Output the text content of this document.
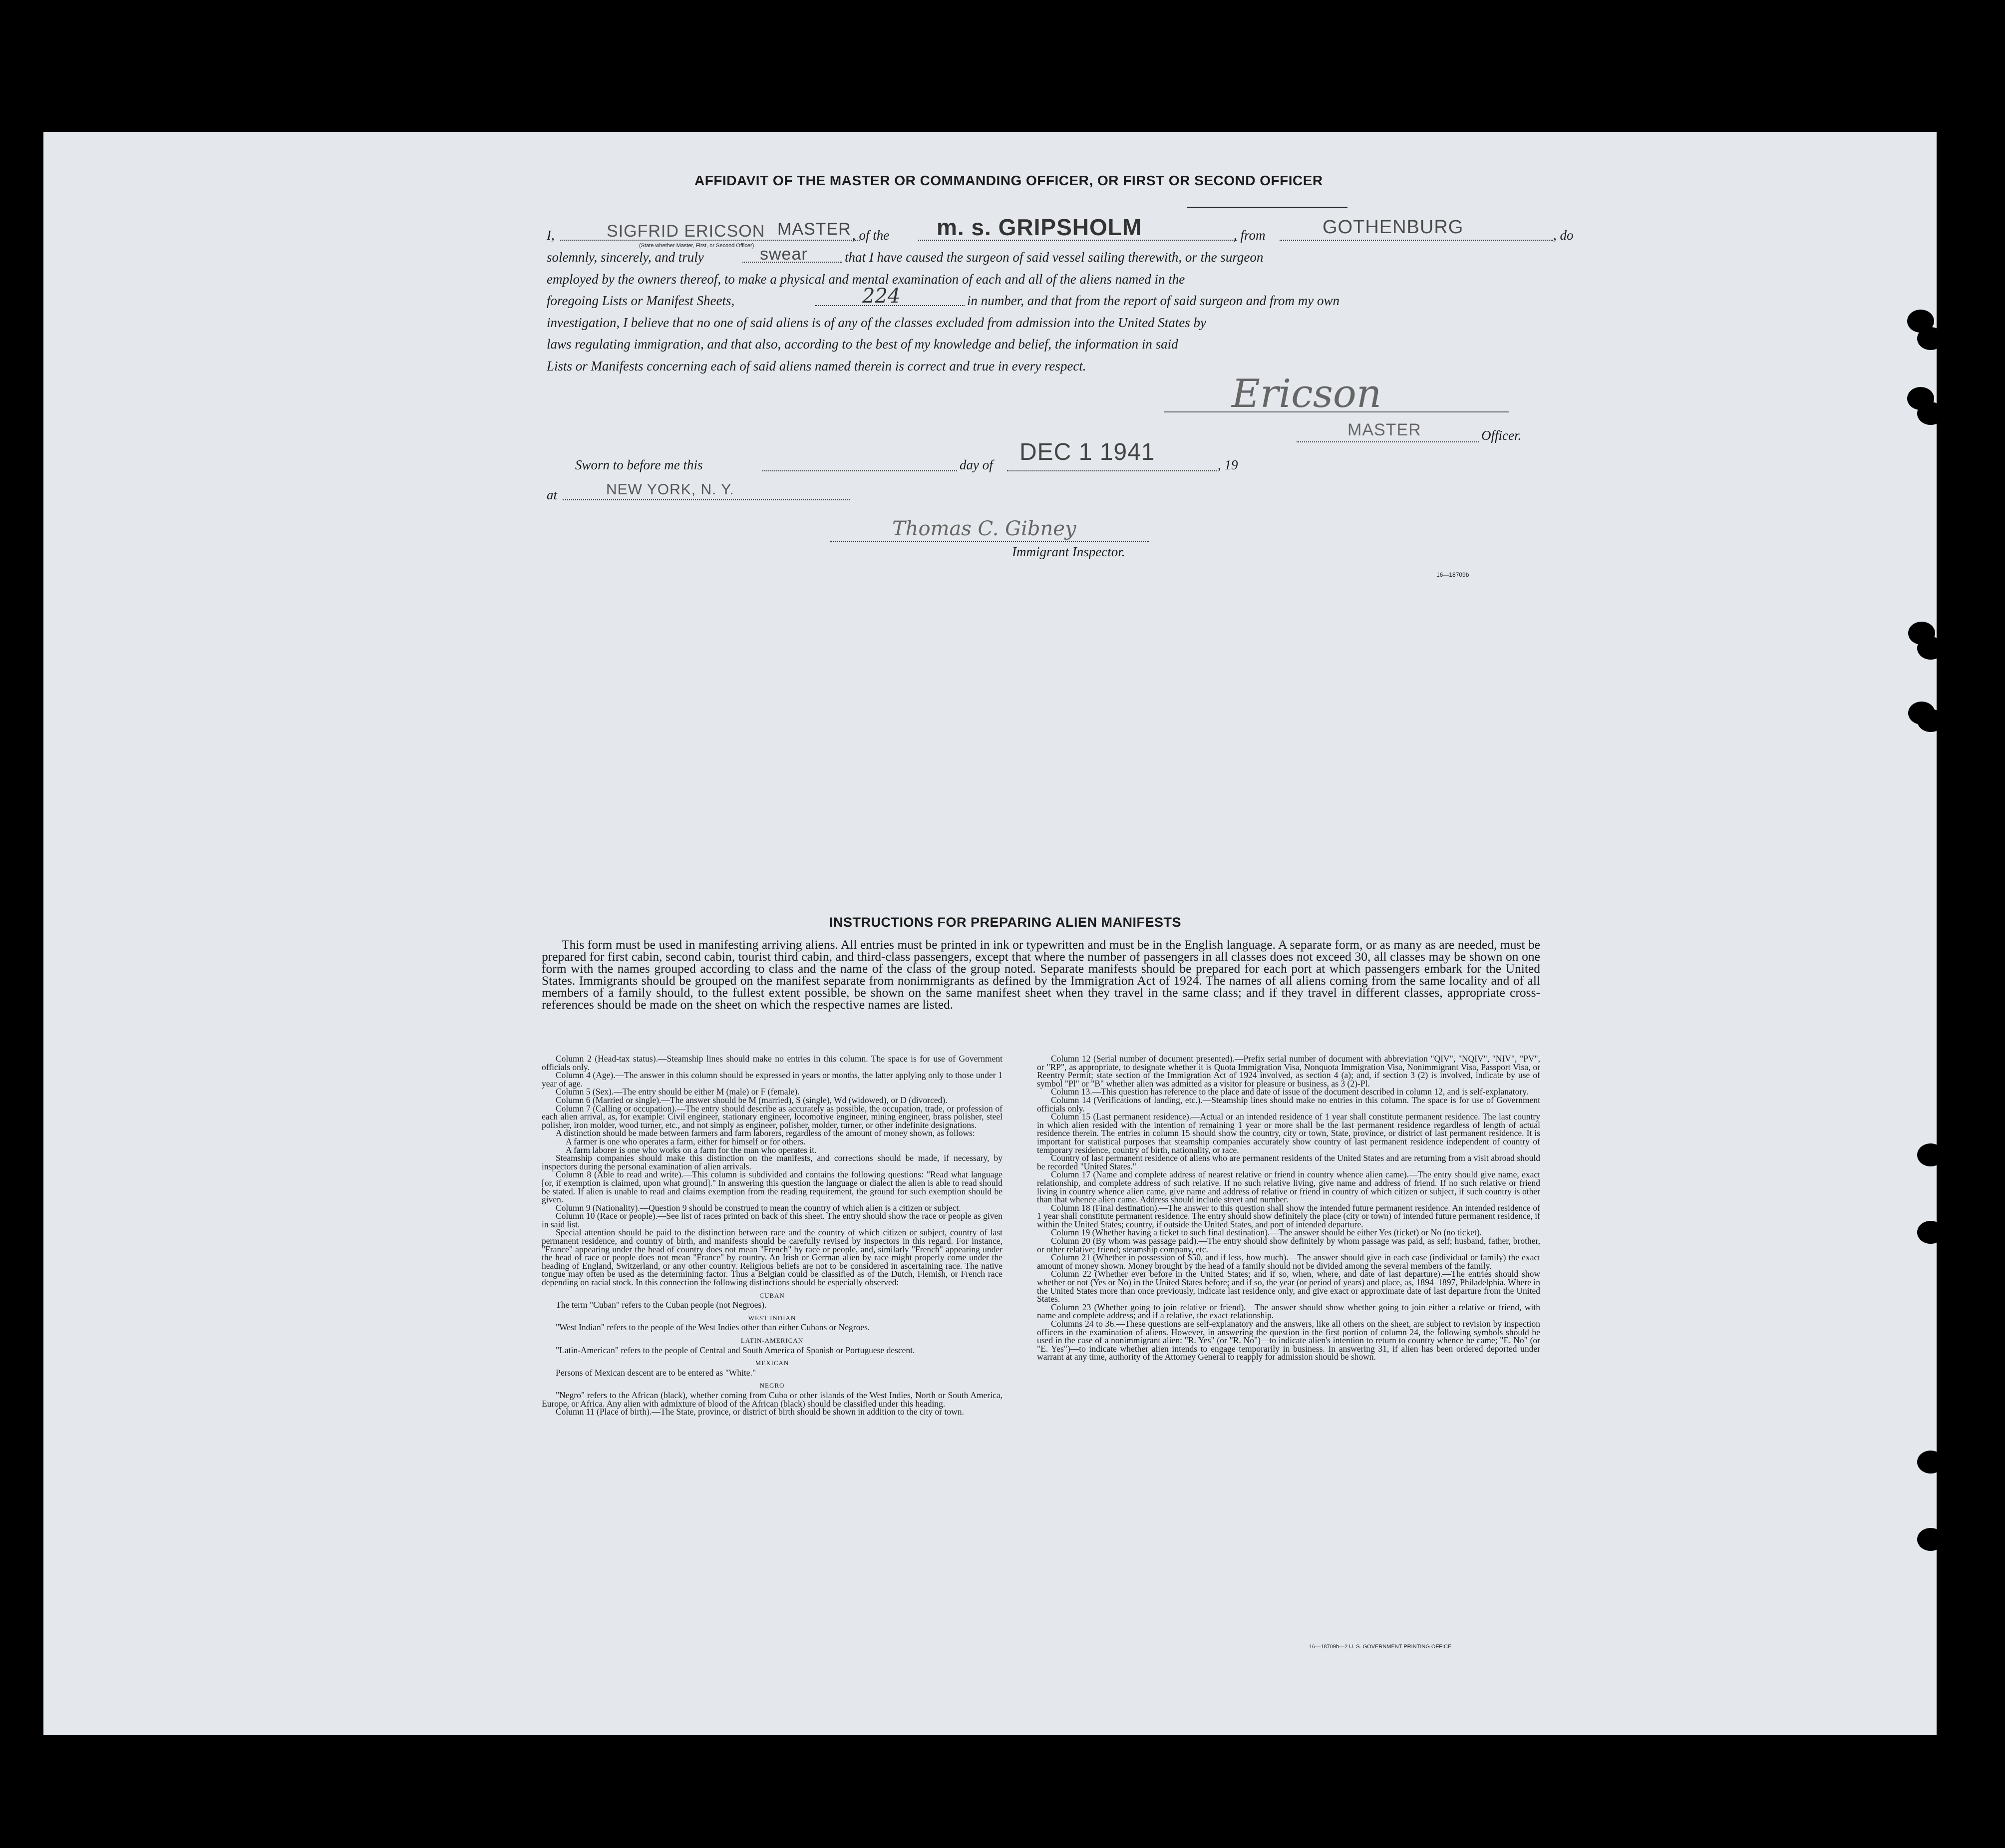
AFFIDAVIT OF THE MASTER OR COMMANDING OFFICER, OR FIRST OR SECOND OFFICER
I,	SIGFRID ERICSON MASTER
(State whether Master, First, or Second Officer)
, of the m. s. GRIPSHOLM	, from	GOTHENBURG	, do
solemnly, sincerely, and truly	swear	that I have caused the surgeon of said vessel sailing therewith, or the surgeon
employed by the owners thereof, to make a physical and mental examination of each and all of the aliens named in the
foregoing Lists or Manifest Sheets,	224	in number, and that from the report of said surgeon and from my own
investigation, I believe that no one of said aliens is of any of the classes excluded from admission into the United States by
laws regulating immigration, and that also, according to the best of my knowledge and belief, the information in said
Lists or Manifests concerning each of said aliens named therein is correct and true in every respect.
Ericson
MASTER	Officer.
Sworn to before me this	day of DEC 1 1941	, 19
at	NEW YORK, N. Y.
Thomas C. Gibney
Immigrant Inspector.
16—18709b
INSTRUCTIONS FOR PREPARING ALIEN MANIFESTS

This form must be used in manifesting arriving aliens. All entries must be printed in ink or typewritten and must be in the English language. A separate form, or as many as are needed, must be prepared for first cabin, second cabin, tourist third cabin, and third-class passengers, except that where the number of passengers in all classes does not exceed 30, all classes may be shown on one form with the names grouped according to class and the name of the class of the group noted. Separate manifests should be prepared for each port at which passengers embark for the United States. Immigrants should be grouped on the manifest separate from nonimmigrants as defined by the Immigration Act of 1924. The names of all aliens coming from the same locality and of all members of a family should, to the fullest extent possible, be shown on the same manifest sheet when they travel in the same class; and if they travel in different classes, appropriate cross-references should be made on the sheet on which the respective names are listed.

Column 2 (Head-tax status).—Steamship lines should make no entries in this column. The space is for use of Government officials only.

Column 4 (Age).—The answer in this column should be expressed in years or months, the latter applying only to those under 1 year of age.

Column 5 (Sex).—The entry should be either M (male) or F (female).

Column 6 (Married or single).—The answer should be M (married), S (single), Wd (widowed), or D (divorced).

Column 7 (Calling or occupation).—The entry should describe as accurately as possible, the occupation, trade, or profession of each alien arrival, as, for example: Civil engineer, stationary engineer, locomotive engineer, mining engineer, brass polisher, steel polisher, iron molder, wood turner, etc., and not simply as engineer, polisher, molder, turner, or other indefinite designations.

A distinction should be made between farmers and farm laborers, regardless of the amount of money shown, as follows:

A farmer is one who operates a farm, either for himself or for others.

A farm laborer is one who works on a farm for the man who operates it.

Steamship companies should make this distinction on the manifests, and corrections should be made, if necessary, by inspectors during the personal examination of alien arrivals.

Column 8 (Able to read and write).—This column is subdivided and contains the following questions: "Read what language [or, if exemption is claimed, upon what ground]." In answering this question the language or dialect the alien is able to read should be stated. If alien is unable to read and claims exemption from the reading requirement, the ground for such exemption should be given.

Column 9 (Nationality).—Question 9 should be construed to mean the country of which alien is a citizen or subject.

Column 10 (Race or people).—See list of races printed on back of this sheet. The entry should show the race or people as given in said list.

Special attention should be paid to the distinction between race and the country of which citizen or subject, country of last permanent residence, and country of birth, and manifests should be carefully revised by inspectors in this regard. For instance, "France" appearing under the head of country does not mean "French" by race or people, and, similarly "French" appearing under the head of race or people does not mean "France" by country. An Irish or German alien by race might properly come under the heading of England, Switzerland, or any other country. Religious beliefs are not to be considered in ascertaining race. The native tongue may often be used as the determining factor. Thus a Belgian could be classified as of the Dutch, Flemish, or French race depending on racial stock. In this connection the following distinctions should be especially observed:

CUBAN

The term "Cuban" refers to the Cuban people (not Negroes).

WEST INDIAN

"West Indian" refers to the people of the West Indies other than either Cubans or Negroes.

LATIN-AMERICAN

"Latin-American" refers to the people of Central and South America of Spanish or Portuguese descent.

MEXICAN

Persons of Mexican descent are to be entered as "White."

NEGRO

"Negro" refers to the African (black), whether coming from Cuba or other islands of the West Indies, North or South America, Europe, or Africa. Any alien with admixture of blood of the African (black) should be classified under this heading.

Column 11 (Place of birth).—The State, province, or district of birth should be shown in addition to the city or town.

Column 12 (Serial number of document presented).—Prefix serial number of document with abbreviation "QIV", "NQIV", "NIV", "PV", or "RP", as appropriate, to designate whether it is Quota Immigration Visa, Nonquota Immigration Visa, Nonimmigrant Visa, Passport Visa, or Reentry Permit; state section of the Immigration Act of 1924 involved, as section 4 (a); and, if section 3 (2) is involved, indicate by use of symbol "Pl" or "B" whether alien was admitted as a visitor for pleasure or business, as 3 (2)-Pl.

Column 13.—This question has reference to the place and date of issue of the document described in column 12, and is self-explanatory.

Column 14 (Verifications of landing, etc.).—Steamship lines should make no entries in this column. The space is for use of Government officials only.

Column 15 (Last permanent residence).—Actual or an intended residence of 1 year shall constitute permanent residence. The last country in which alien resided with the intention of remaining 1 year or more shall be the last permanent residence regardless of length of actual residence therein. The entries in column 15 should show the country, city or town, State, province, or district of last permanent residence. It is important for statistical purposes that steamship companies accurately show country of last permanent residence independent of country of temporary residence, country of birth, nationality, or race.

Country of last permanent residence of aliens who are permanent residents of the United States and are returning from a visit abroad should be recorded "United States."

Column 17 (Name and complete address of nearest relative or friend in country whence alien came).—The entry should give name, exact relationship, and complete address of such relative. If no such relative living, give name and address of friend. If no such relative or friend living in country whence alien came, give name and address of relative or friend in country of which citizen or subject, if such country is other than that whence alien came. Address should include street and number.

Column 18 (Final destination).—The answer to this question shall show the intended future permanent residence. An intended residence of 1 year shall constitute permanent residence. The entry should show definitely the place (city or town) of intended future permanent residence, if within the United States; country, if outside the United States, and port of intended departure.

Column 19 (Whether having a ticket to such final destination).—The answer should be either Yes (ticket) or No (no ticket).

Column 20 (By whom was passage paid).—The entry should show definitely by whom passage was paid, as self; husband, father, brother, or other relative; friend; steamship company, etc.

Column 21 (Whether in possession of $50, and if less, how much).—The answer should give in each case (individual or family) the exact amount of money shown. Money brought by the head of a family should not be divided among the several members of the family.

Column 22 (Whether ever before in the United States; and if so, when, where, and date of last departure).—The entries should show whether or not (Yes or No) in the United States before; and if so, the year (or period of years) and place, as, 1894–1897, Philadelphia. Where in the United States more than once previously, indicate last residence only, and give exact or approximate date of last departure from the United States.

Column 23 (Whether going to join relative or friend).—The answer should show whether going to join either a relative or friend, with name and complete address; and if a relative, the exact relationship.

Columns 24 to 36.—These questions are self-explanatory and the answers, like all others on the sheet, are subject to revision by inspection officers in the examination of aliens. However, in answering the question in the first portion of column 24, the following symbols should be used in the case of a nonimmigrant alien: "R. Yes" (or "R. No")—to indicate alien's intention to return to country whence he came; "E. No" (or "E. Yes")—to indicate whether alien intends to engage temporarily in business. In answering 31, if alien has been ordered deported under warrant at any time, authority of the Attorney General to reapply for admission should be shown.

16—18709b—2 U. S. GOVERNMENT PRINTING OFFICE
